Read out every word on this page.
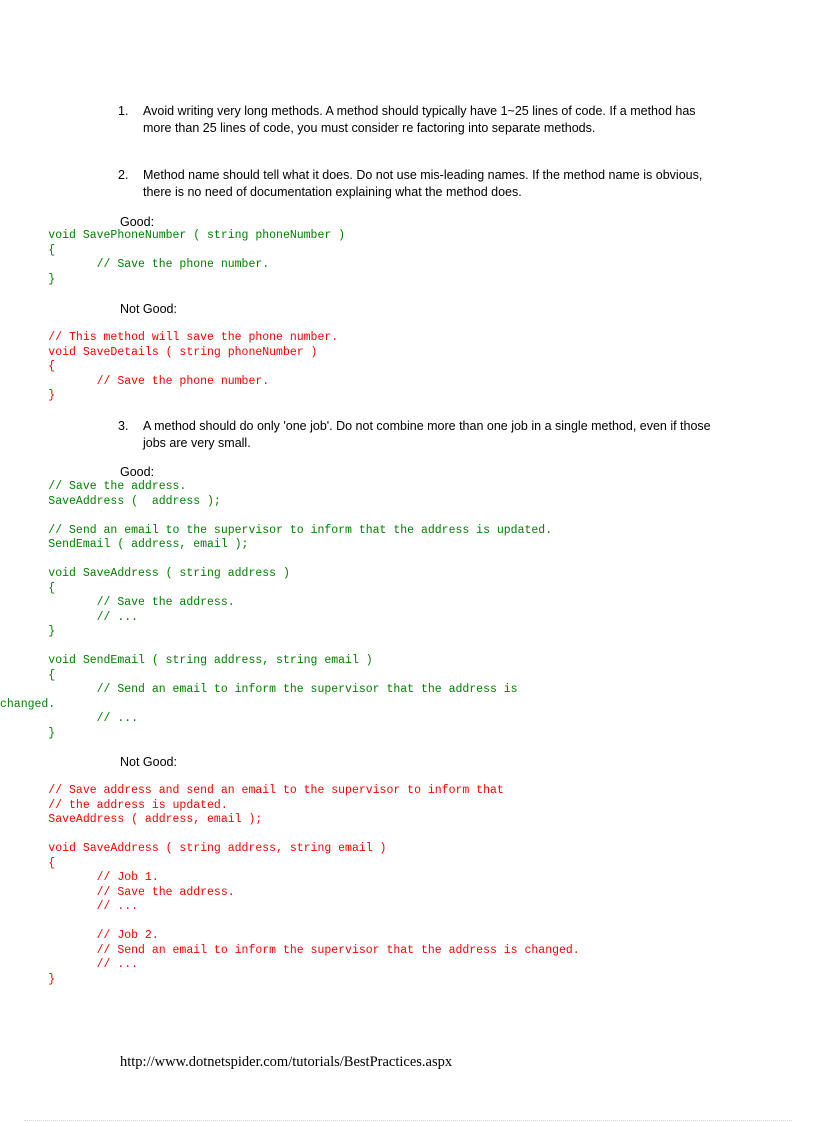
1. Avoid writing very long methods. A method should typically have 1~25 lines of code. If a method has more than 25 lines of code, you must consider re factoring into separate methods.
2. Method name should tell what it does. Do not use mis-leading names. If the method name is obvious, there is no need of documentation explaining what the method does.
Good:
void SavePhoneNumber ( string phoneNumber )
{
// Save the phone number.
}
Not Good:
// This method will save the phone number.
void SaveDetails ( string phoneNumber )
{
// Save the phone number.
}
3. A method should do only 'one job'. Do not combine more than one job in a single method, even if those jobs are very small.
Good:
// Save the address.
SaveAddress (  address );
// Send an email to the supervisor to inform that the address is updated.
SendEmail ( address, email );
void SaveAddress ( string address )
{
// Save the address.
// ...
}
void SendEmail ( string address, string email )
{
// Send an email to inform the supervisor that the address is
changed.
// ...
}
Not Good:
// Save address and send an email to the supervisor to inform that
// the address is updated.
SaveAddress ( address, email );
void SaveAddress ( string address, string email )
{
// Job 1.
// Save the address.
// ...
// Job 2.
// Send an email to inform the supervisor that the address is changed.
// ...
}
http://www.dotnetspider.com/tutorials/BestPractices.aspx
